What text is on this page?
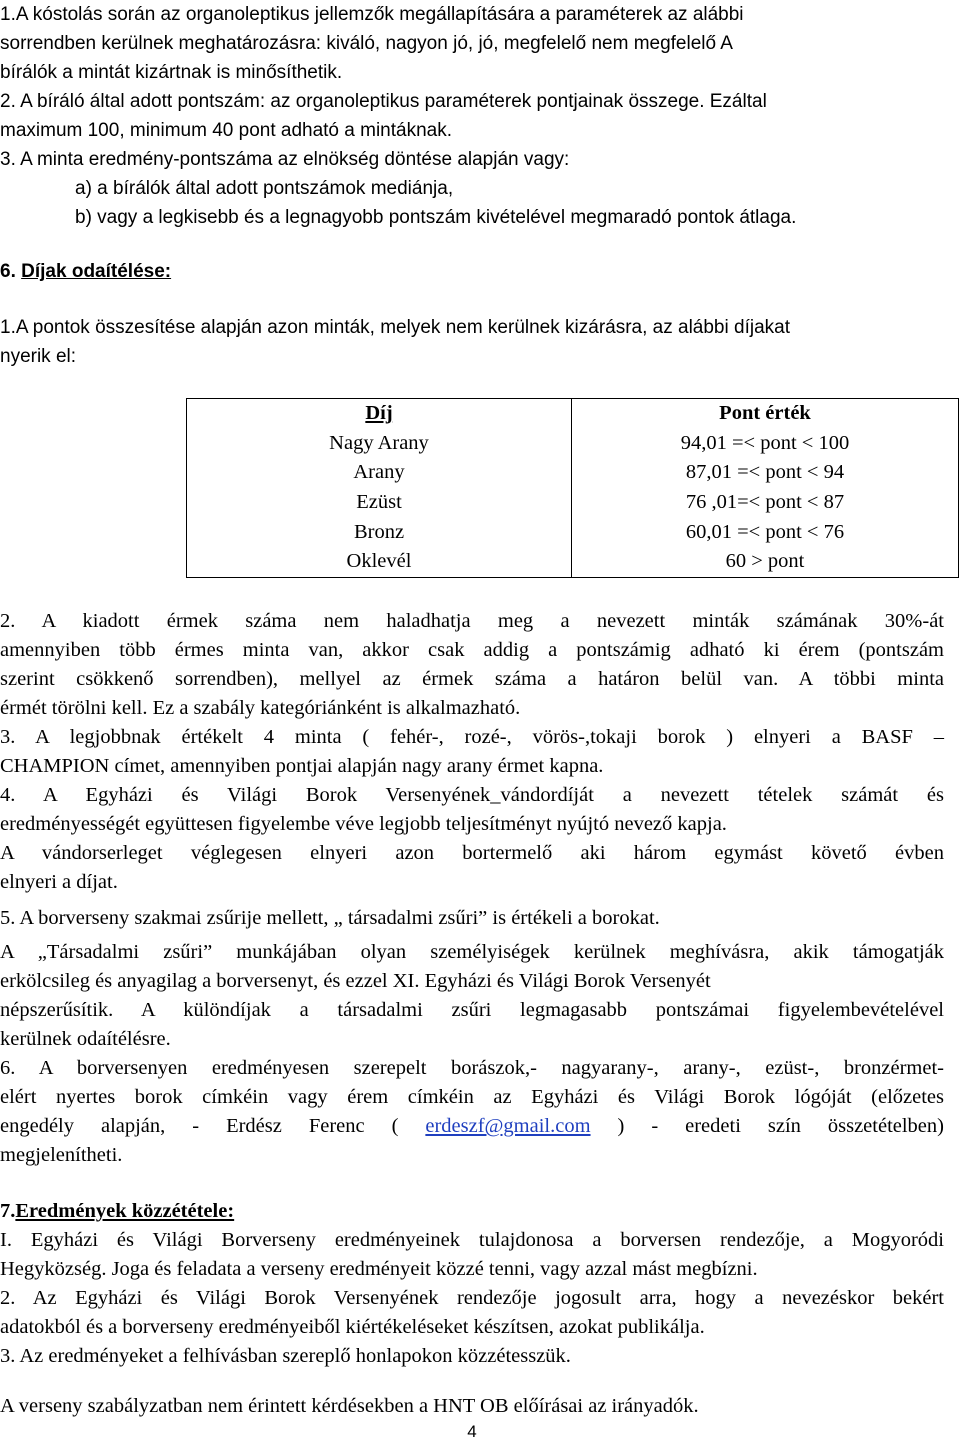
1.A kóstolás során az organoleptikus jellemzők megállapítására a paraméterek az alábbi
sorrendben kerülnek meghatározásra: kiváló, nagyon jó, jó, megfelelő nem megfelelő A
bírálók a mintát kizártnak is minősíthetik.
2. A bíráló által adott pontszám: az organoleptikus paraméterek pontjainak összege. Ezáltal
maximum 100, minimum 40 pont adható a mintáknak.
3. A minta eredmény-pontszáma az elnökség döntése alapján vagy:
a) a bírálók által adott pontszámok mediánja,
b) vagy a legkisebb és a legnagyobb pontszám kivételével megmaradó pontok átlaga.
6. Díjak odaítélése:
1.A pontok összesítése alapján azon minták, melyek nem kerülnek kizárásra, az alábbi díjakat
nyerik el:
Díj	Pont érték
Nagy Arany	94,01 =< pont < 100
Arany	87,01 =< pont < 94
Ezüst	76 ,01=< pont < 87
Bronz	60,01 =< pont < 76
Oklevél	60 > pont
2. A kiadott érmek száma nem haladhatja meg a nevezett minták számának 30%-át
amennyiben több érmes minta van, akkor csak addig a pontszámig adható ki érem (pontszám
szerint csökkenő sorrendben), mellyel az érmek száma a határon belül van. A többi minta
érmét törölni kell. Ez a szabály kategóriánként is alkalmazható.
3. A legjobbnak értékelt 4 minta ( fehér-, rozé-, vörös-,tokaji borok ) elnyeri a BASF –
CHAMPION címet, amennyiben pontjai alapján nagy arany érmet kapna.
4. A Egyházi és Világi Borok Versenyének_vándordíját a nevezett tételek számát és
eredményességét együttesen figyelembe véve legjobb teljesítményt nyújtó nevező kapja.
A vándorserleget véglegesen elnyeri azon bortermelő aki három egymást követő évben
elnyeri a díjat.
5. A borverseny szakmai zsűrije mellett, „ társadalmi zsűri” is értékeli a borokat.
A „Társadalmi zsűri” munkájában olyan személyiségek kerülnek meghívásra, akik támogatják
erkölcsileg és anyagilag a borversenyt, és ezzel XI. Egyházi és Világi Borok Versenyét
népszerűsítik. A különdíjak a társadalmi zsűri legmagasabb pontszámai figyelembevételével
kerülnek odaítélésre.
6. A borversenyen eredményesen szerepelt borászok,- nagyarany-, arany-, ezüst-, bronzérmet-
elért nyertes borok címkéin vagy érem címkéin az Egyházi és Világi Borok lógóját (előzetes
engedély alapján, - Erdész Ferenc ( erdeszf@gmail.com ) - eredeti szín összetételben)
megjelenítheti.
7.Eredmények közzététele:
I. Egyházi és Világi Borverseny eredményeinek tulajdonosa a borversen rendezője, a Mogyoródi
Hegyközség. Joga és feladata a verseny eredményeit közzé tenni, vagy azzal mást megbízni.
2. Az Egyházi és Világi Borok Versenyének rendezője jogosult arra, hogy a nevezéskor bekért
adatokból és a borverseny eredményeiből kiértékeléseket készítsen, azokat publikálja.
3. Az eredményeket a felhívásban szereplő honlapokon közzétesszük.
A verseny szabályzatban nem érintett kérdésekben a HNT OB előírásai az irányadók.
4
